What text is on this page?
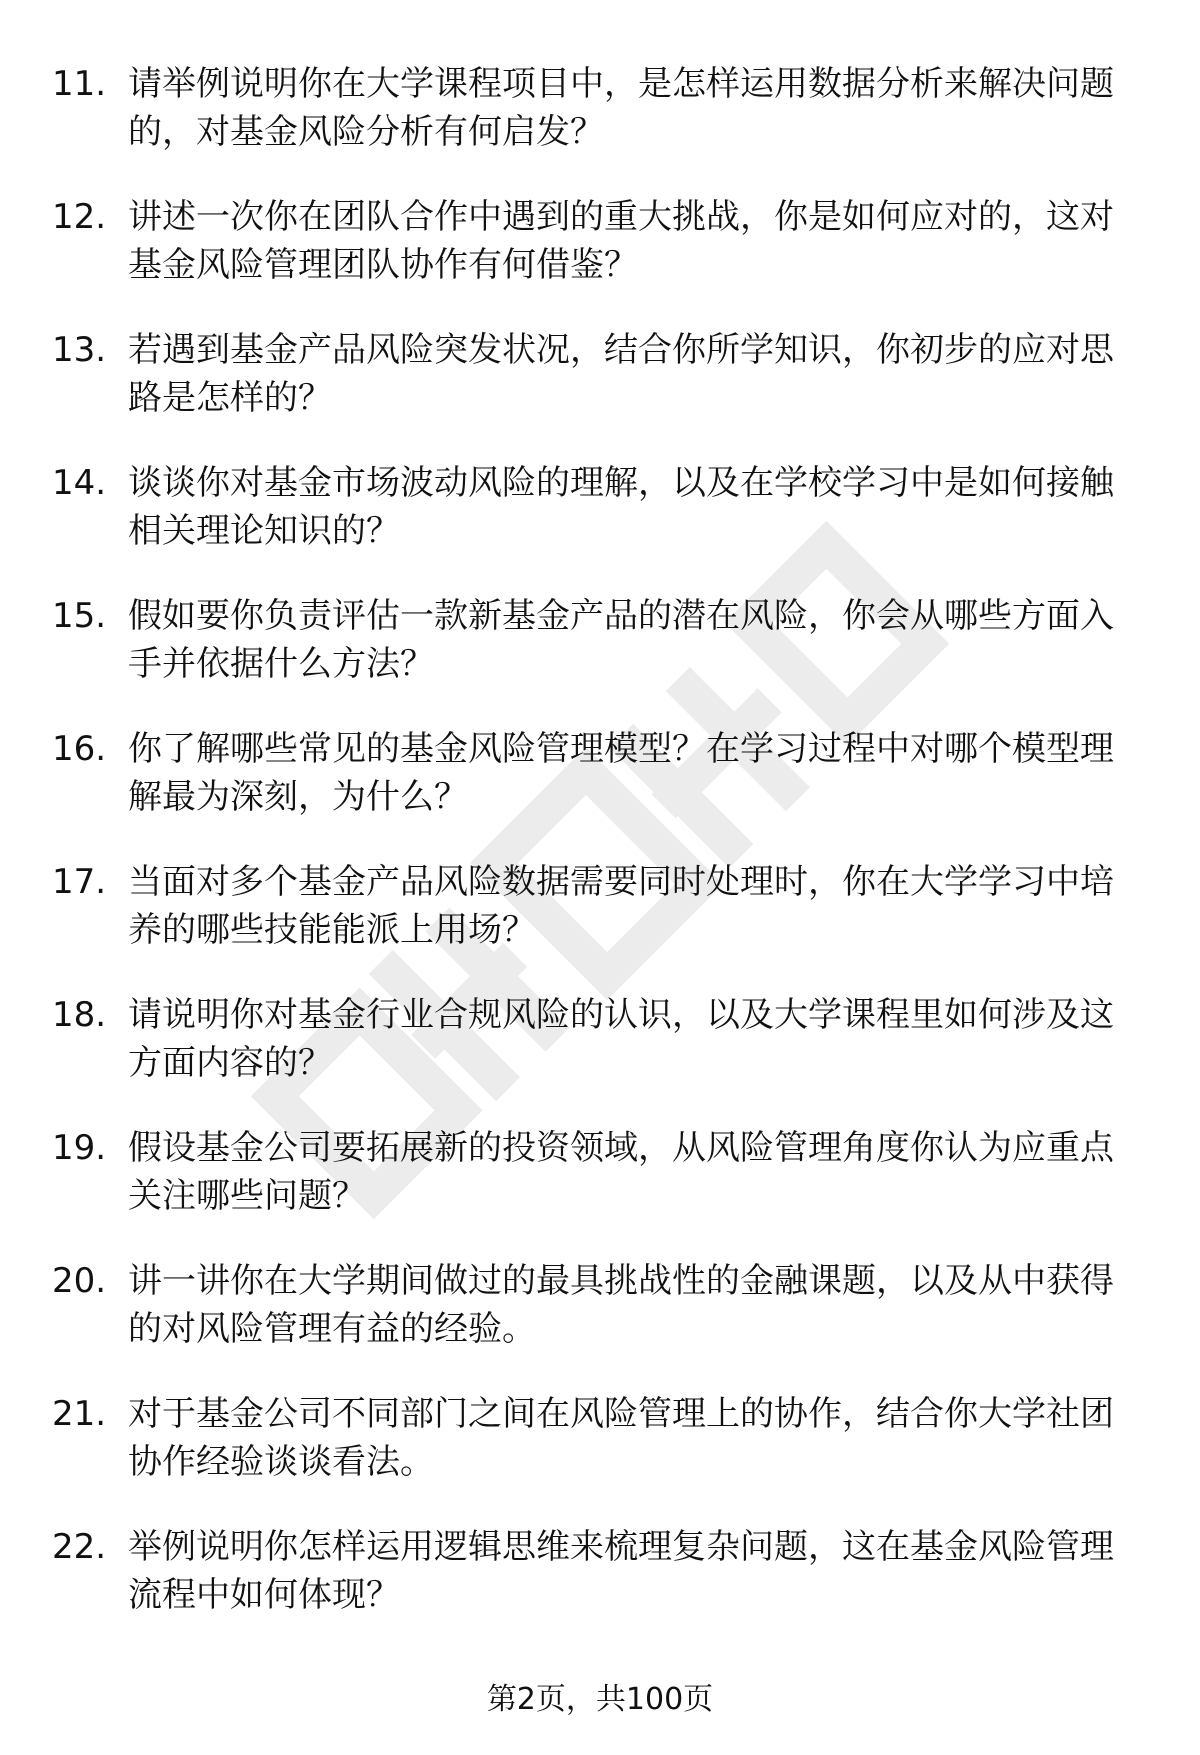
11. 请举例说明你在大学课程项目中，是怎样运用数据分析来解决问题的，对基金风险分析有何启发？
12. 讲述一次你在团队合作中遇到的重大挑战，你是如何应对的，这对基金风险管理团队协作有何借鉴？
13. 若遇到基金产品风险突发状况，结合你所学知识，你初步的应对思路是怎样的？
14. 谈谈你对基金市场波动风险的理解，以及在学校学习中是如何接触相关理论知识的？
15. 假如要你负责评估一款新基金产品的潜在风险，你会从哪些方面入手并依据什么方法？
16. 你了解哪些常见的基金风险管理模型？在学习过程中对哪个模型理解最为深刻，为什么？
17. 当面对多个基金产品风险数据需要同时处理时，你在大学学习中培养的哪些技能能派上用场？
18. 请说明你对基金行业合规风险的认识，以及大学课程里如何涉及这方面内容的？
19. 假设基金公司要拓展新的投资领域，从风险管理角度你认为应重点关注哪些问题？
20. 讲一讲你在大学期间做过的最具挑战性的金融课题，以及从中获得的对风险管理有益的经验。
21. 对于基金公司不同部门之间在风险管理上的协作，结合你大学社团协作经验谈谈看法。
22. 举例说明你怎样运用逻辑思维来梳理复杂问题，这在基金风险管理流程中如何体现？
第2页，共100页
